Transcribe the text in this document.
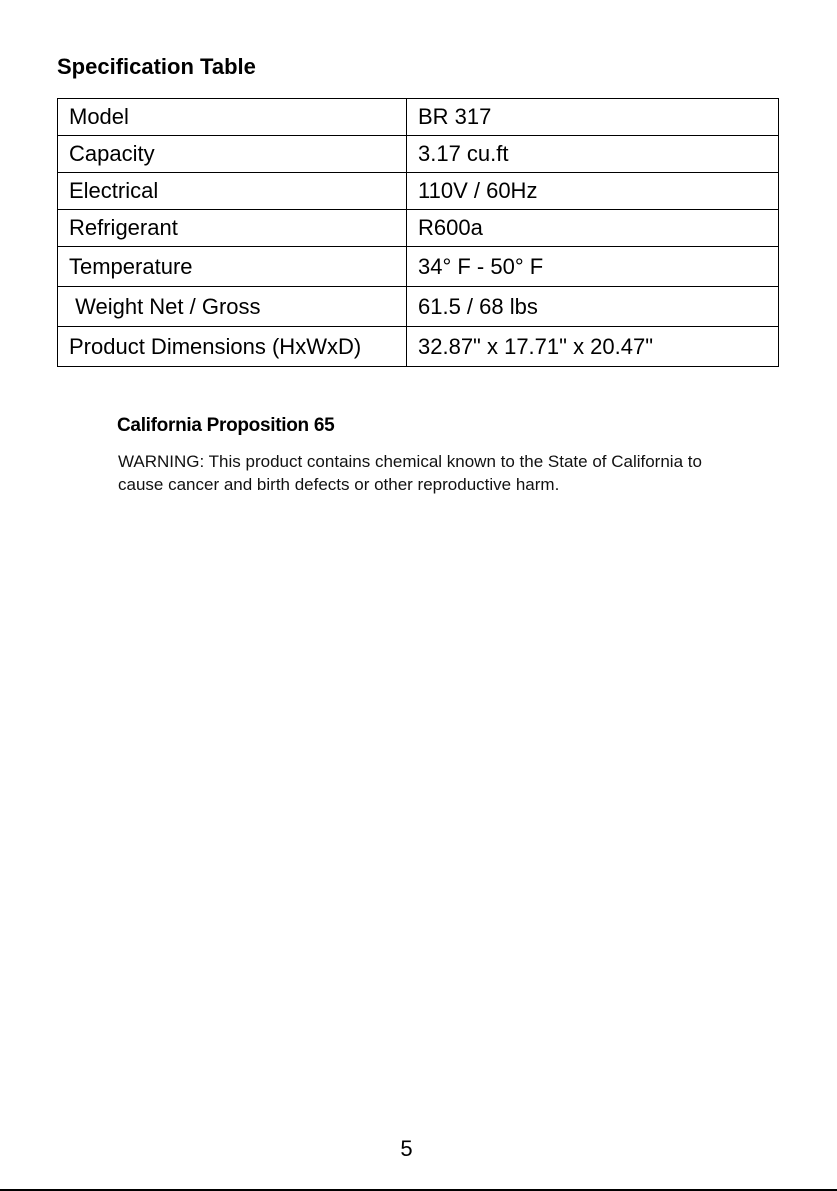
Specification Table
Model	BR 317
Capacity	3.17 cu.ft
Electrical	110V / 60Hz
Refrigerant	R600a
Temperature	34° F - 50° F
Weight Net / Gross	61.5 / 68 lbs
Product Dimensions (HxWxD)	32.87" x 17.71" x 20.47"
California Proposition 65

WARNING: This product contains chemical known to the State of California to cause cancer and birth defects or other reproductive harm.

5
